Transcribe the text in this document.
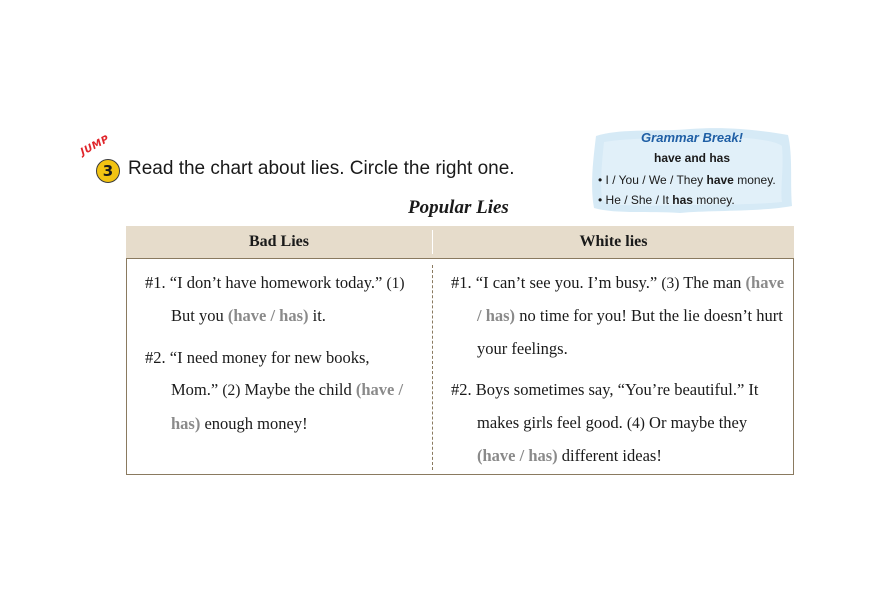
JUMP
3 Read the chart about lies. Circle the right one.
Grammar Break!
have and has
• I / You / We / They have money.
• He / She / It has money.
Popular Lies
Bad Lies	White lies

#1. “I don’t have homework today.” (1) But you (have / has) it.

#2. “I need money for new books, Mom.” (2) Maybe the child (have / has) enough money!

#1. “I can’t see you. I’m busy.” (3) The man (have / has) no time for you! But the lie doesn’t hurt your feelings.

#2. Boys sometimes say, “You’re beautiful.” It makes girls feel good. (4) Or maybe they (have / has) different ideas!
